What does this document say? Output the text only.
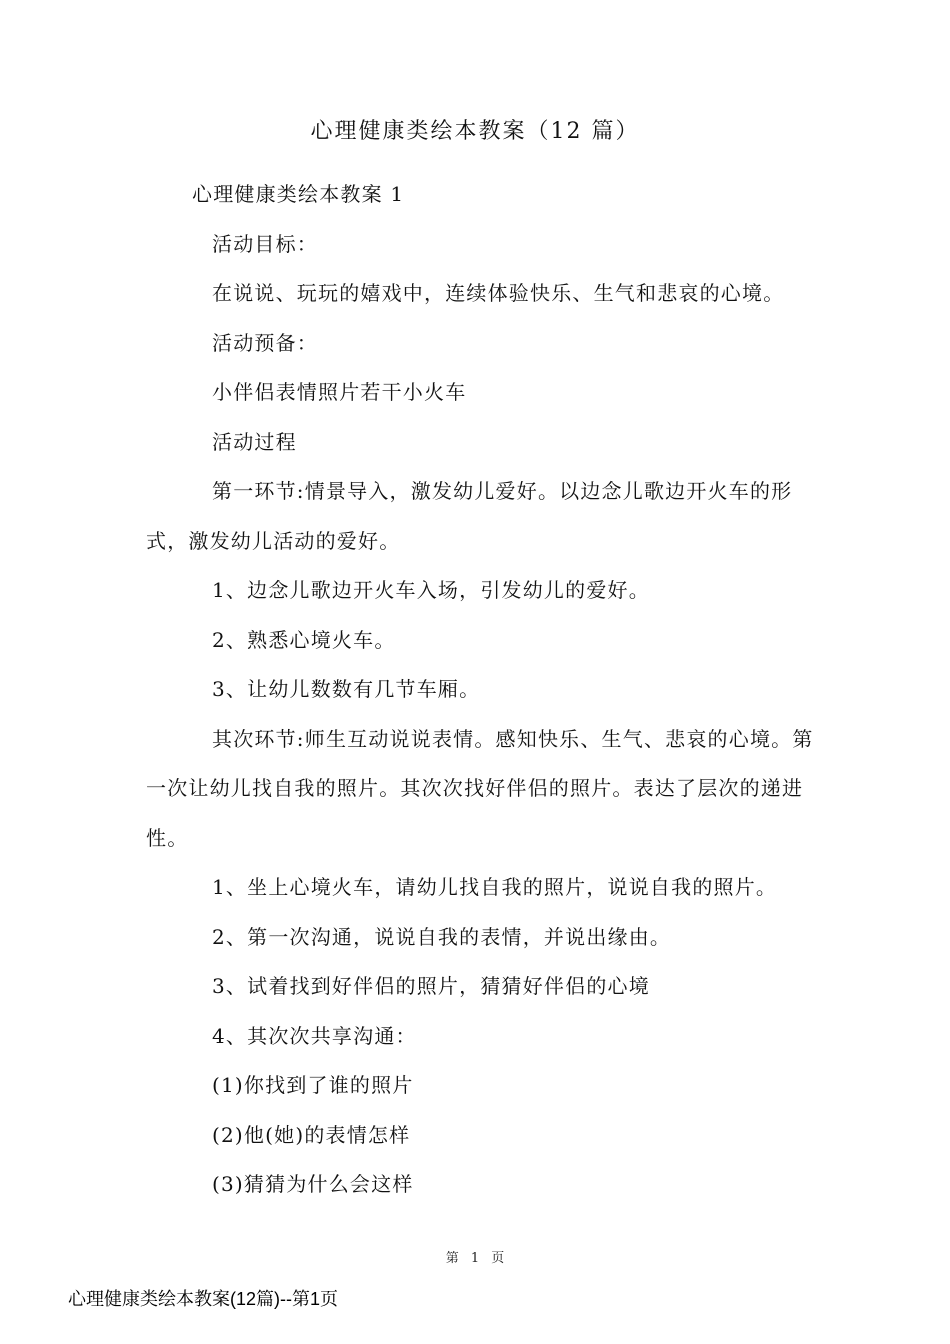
心理健康类绘本教案（12 篇）

心理健康类绘本教案 1

活动目标：

在说说、玩玩的嬉戏中，连续体验快乐、生气和悲哀的心境。

活动预备：

小伴侣表情照片若干小火车

活动过程

第一环节:情景导入，激发幼儿爱好。以边念儿歌边开火车的形式，激发幼儿活动的爱好。

1、边念儿歌边开火车入场，引发幼儿的爱好。

2、熟悉心境火车。

3、让幼儿数数有几节车厢。

其次环节:师生互动说说表情。感知快乐、生气、悲哀的心境。第一次让幼儿找自我的照片。其次次找好伴侣的照片。表达了层次的递进性。

1、坐上心境火车，请幼儿找自我的照片，说说自我的照片。

2、第一次沟通，说说自我的表情，并说出缘由。

3、试着找到好伴侣的照片，猜猜好伴侣的心境

4、其次次共享沟通：

(1)你找到了谁的照片

(2)他(她)的表情怎样

(3)猜猜为什么会这样

第 1 页
心理健康类绘本教案(12篇)--第1页
